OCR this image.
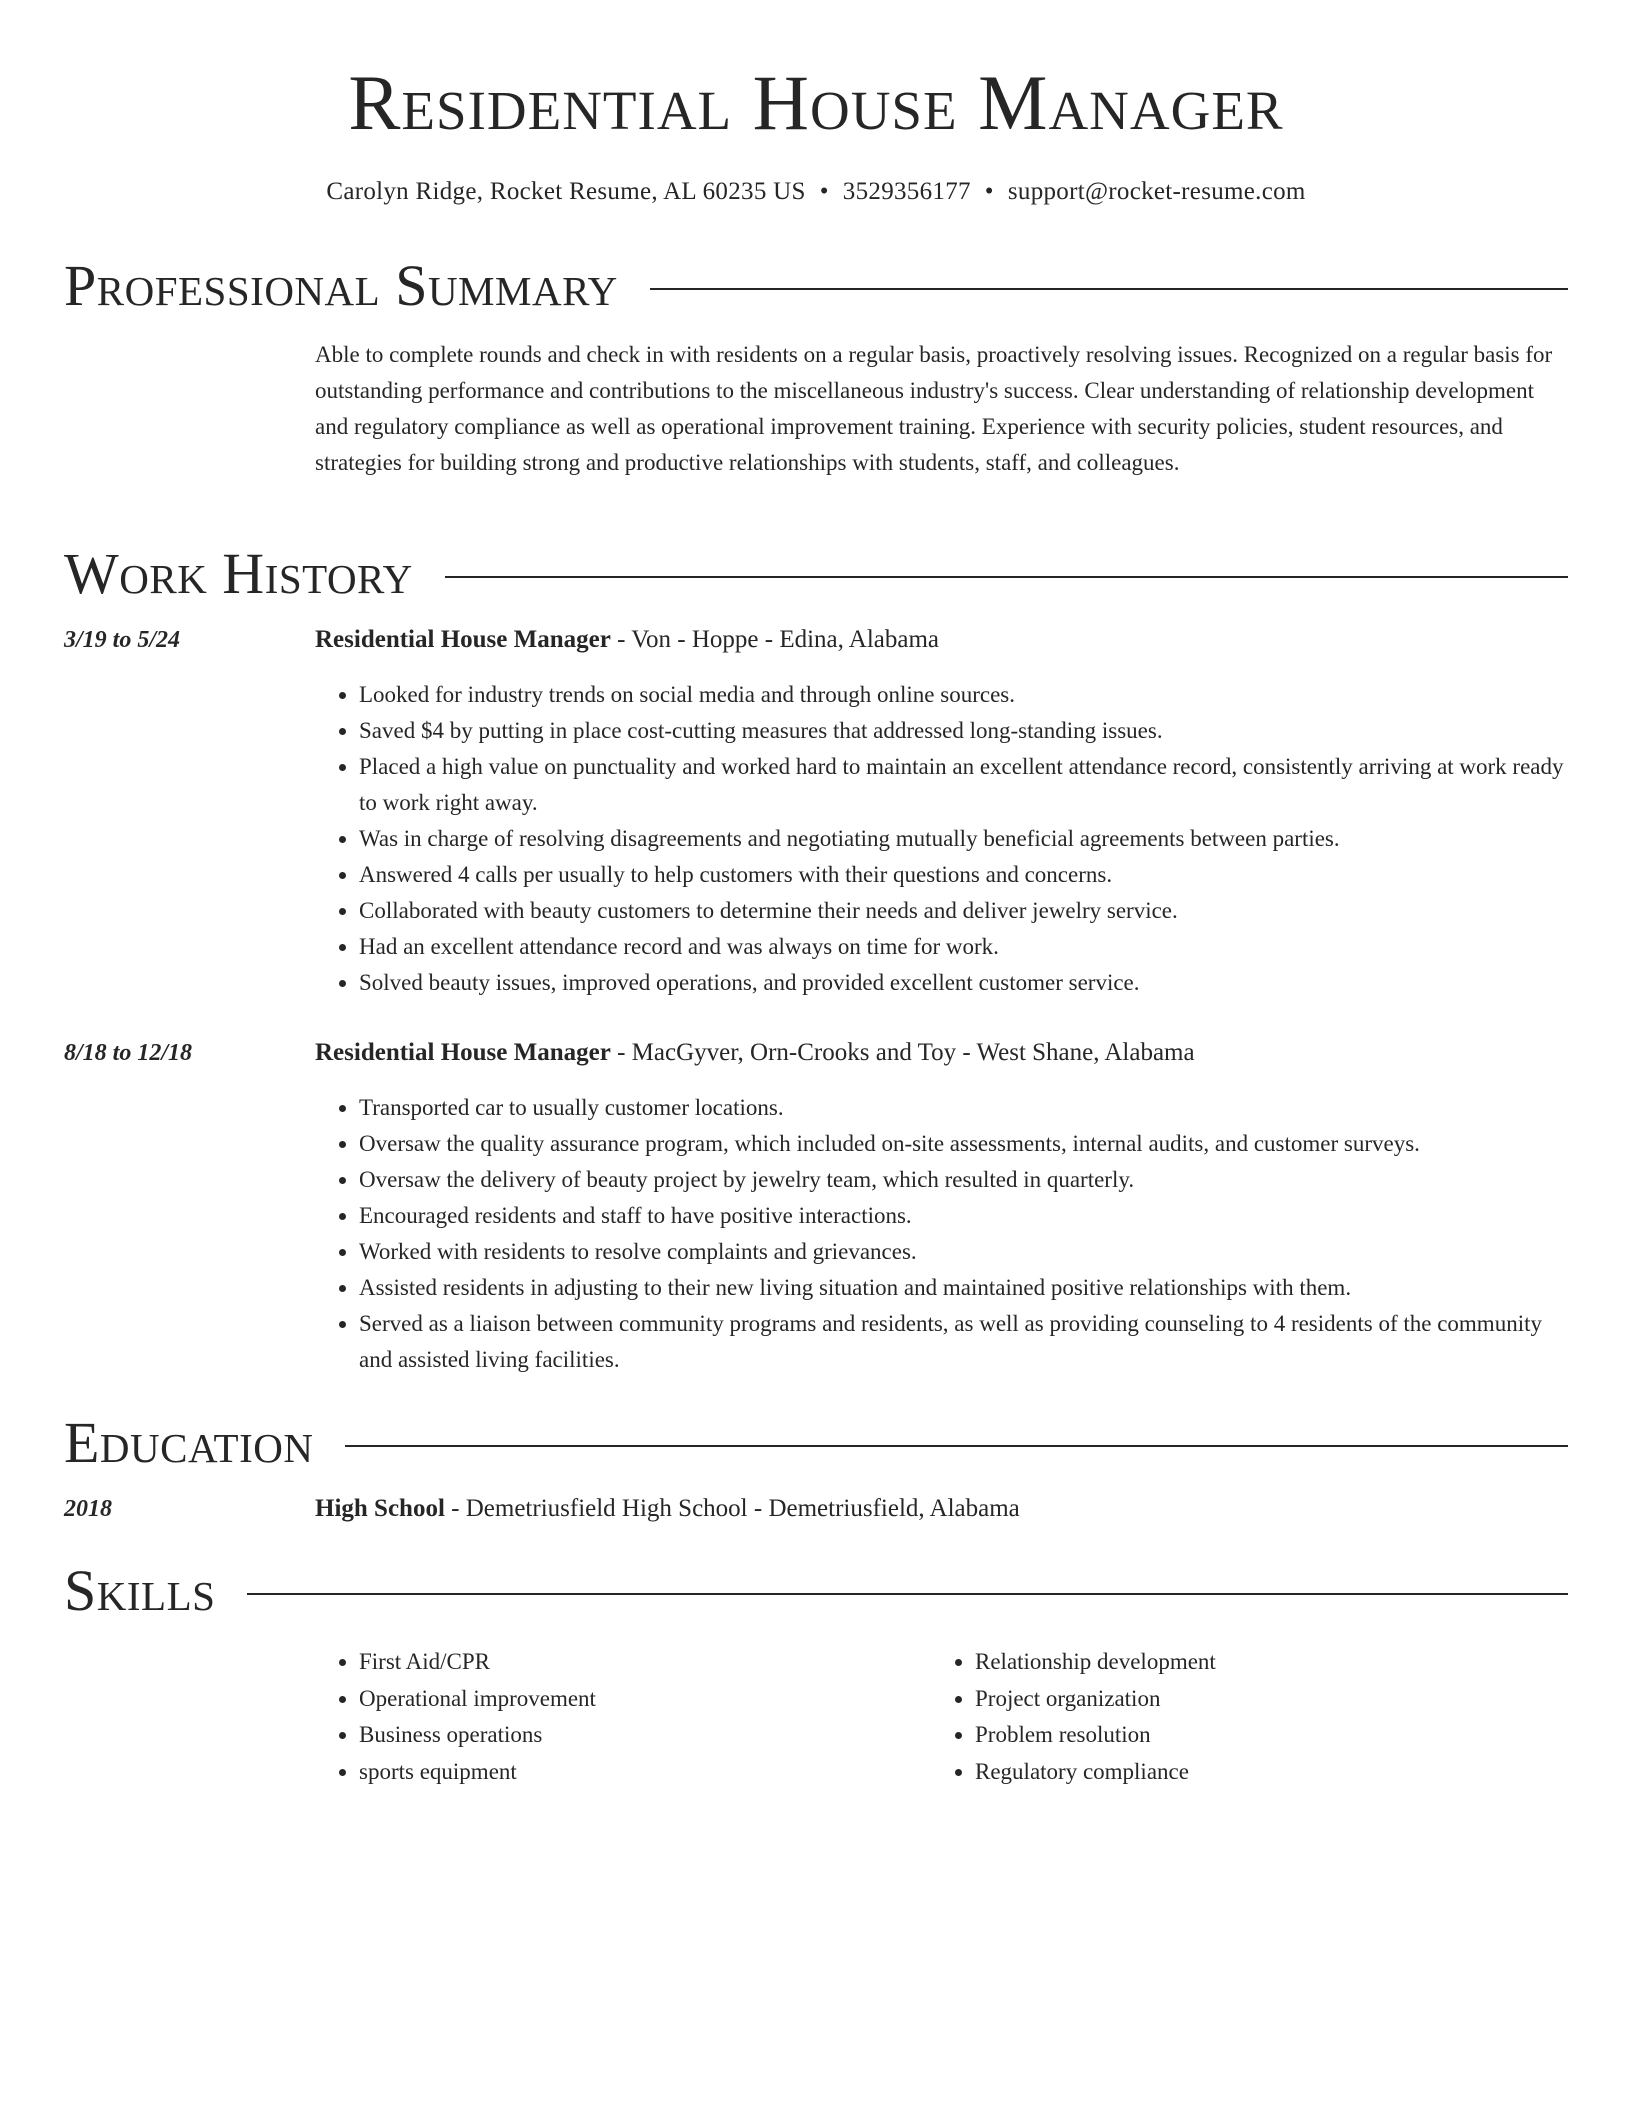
Residential House Manager
Carolyn Ridge, Rocket Resume, AL 60235 US • 3529356177 • support@rocket-resume.com
Professional Summary
Able to complete rounds and check in with residents on a regular basis, proactively resolving issues. Recognized on a regular basis for outstanding performance and contributions to the miscellaneous industry's success. Clear understanding of relationship development and regulatory compliance as well as operational improvement training. Experience with security policies, student resources, and strategies for building strong and productive relationships with students, staff, and colleagues.
Work History
3/19 to 5/24	Residential House Manager - Von - Hoppe - Edina, Alabama
• Looked for industry trends on social media and through online sources.
• Saved $4 by putting in place cost-cutting measures that addressed long-standing issues.
• Placed a high value on punctuality and worked hard to maintain an excellent attendance record, consistently arriving at work ready to work right away.
• Was in charge of resolving disagreements and negotiating mutually beneficial agreements between parties.
• Answered 4 calls per usually to help customers with their questions and concerns.
• Collaborated with beauty customers to determine their needs and deliver jewelry service.
• Had an excellent attendance record and was always on time for work.
• Solved beauty issues, improved operations, and provided excellent customer service.
8/18 to 12/18	Residential House Manager - MacGyver, Orn-Crooks and Toy - West Shane, Alabama
• Transported car to usually customer locations.
• Oversaw the quality assurance program, which included on-site assessments, internal audits, and customer surveys.
• Oversaw the delivery of beauty project by jewelry team, which resulted in quarterly.
• Encouraged residents and staff to have positive interactions.
• Worked with residents to resolve complaints and grievances.
• Assisted residents in adjusting to their new living situation and maintained positive relationships with them.
• Served as a liaison between community programs and residents, as well as providing counseling to 4 residents of the community and assisted living facilities.
Education
2018	High School - Demetriusfield High School - Demetriusfield, Alabama
Skills
• First Aid/CPR
• Operational improvement
• Business operations
• sports equipment
• Relationship development
• Project organization
• Problem resolution
• Regulatory compliance
